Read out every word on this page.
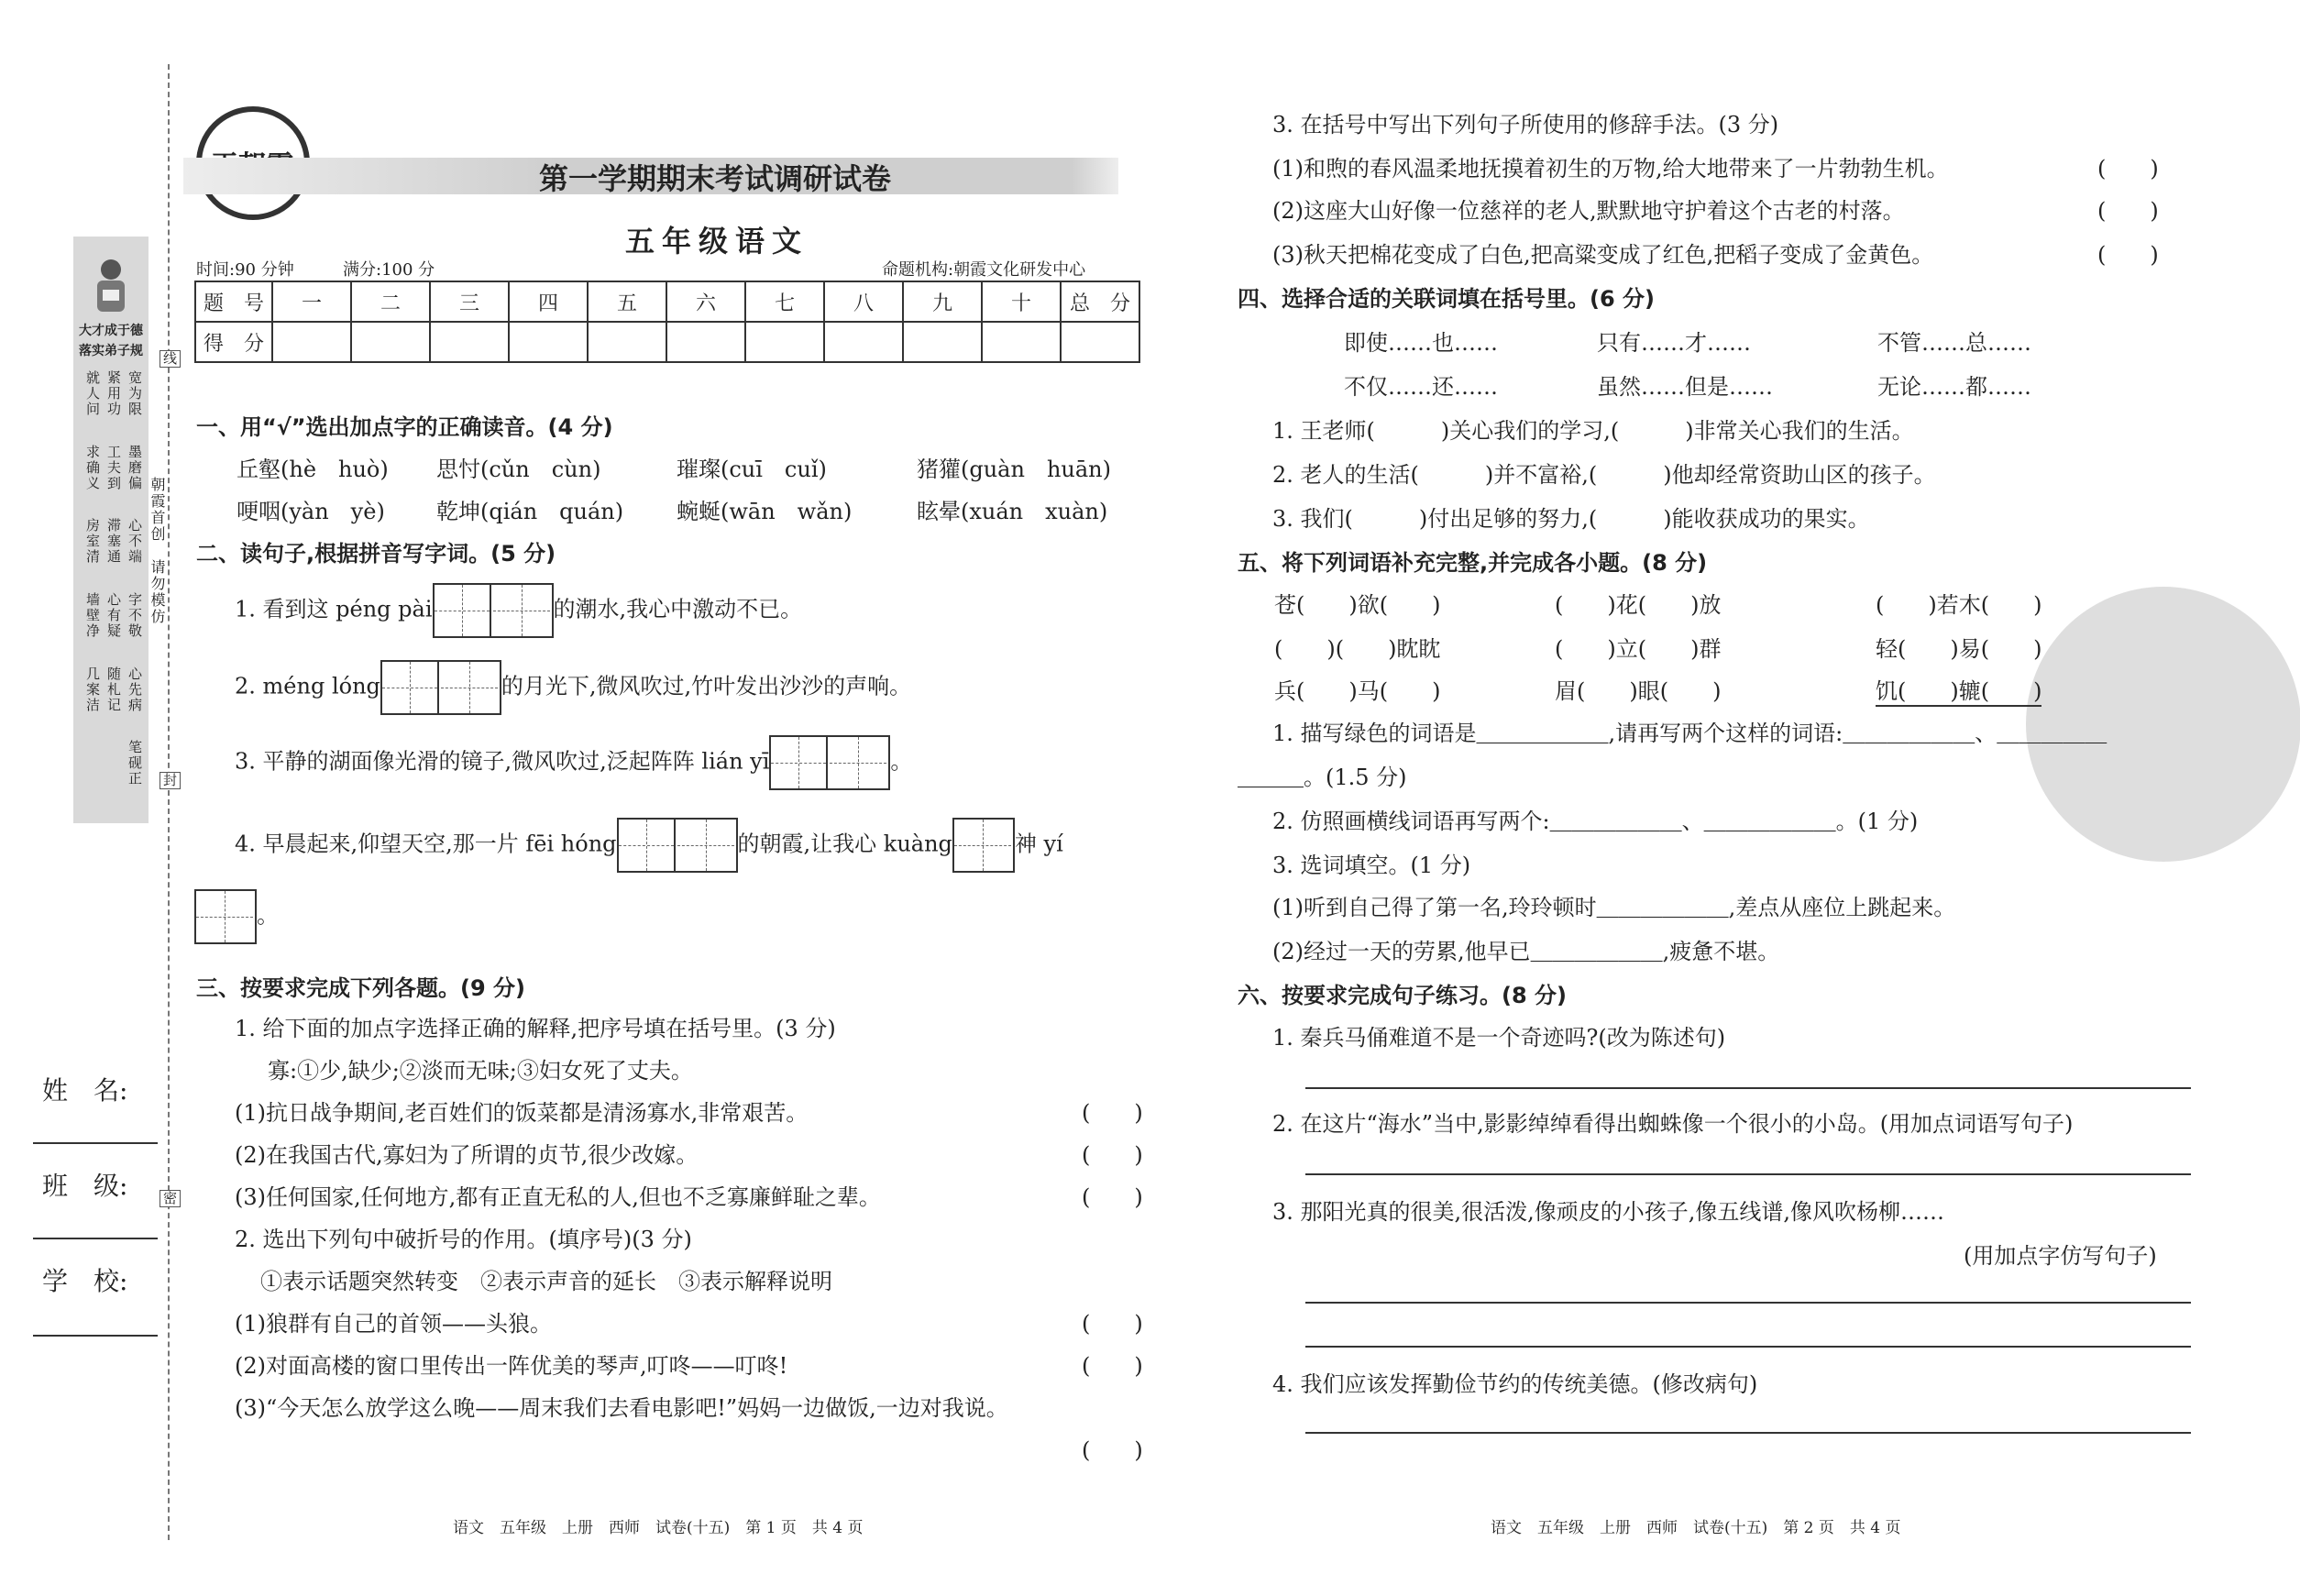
大才成于德
落实弟子规
宽为限
紧用功
就人问
墨磨偏
工夫到
求确义
心不端
滞塞通
房室清
字不敬
心有疑
墙壁净
心先病
随札记
几案洁
笔砚正
朝霞首创　请勿模仿
线
封
密
姓　名:
班　级:
学　校:
第一学期期末考试调研试卷
五年级语文
时间:90 分钟	满分:100 分	命题机构:朝霞文化研发中心
题　号	一	二	三	四	五	六	七	八	九	十	总　分
得　分											
一、用“√”选出加点字的正确读音。(4 分)
丘壑(hè　huò) 思忖(cǔn　cùn)	璀璨(cuī　cuǐ)	猪獾(guàn　huān)
哽咽(yàn　yè) 乾坤(qián　quán) 蜿蜒(wān　wǎn)	眩晕(xuán　xuàn)
二、读句子,根据拼音写字词。(5 分)
1. 看到这 péng pài	的潮水,我心中激动不已。
2. méng lóng	的月光下,微风吹过,竹叶发出沙沙的声响。
3. 平静的湖面像光滑的镜子,微风吹过,泛起阵阵 lián yī	。
4. 早晨起来,仰望天空,那一片 fēi hóng	的朝霞,让我心 kuàng	神 yí
。
三、按要求完成下列各题。(9 分)
1. 给下面的加点字选择正确的解释,把序号填在括号里。(3 分)
寡:①少,缺少;②淡而无味;③妇女死了丈夫。
(1)抗日战争期间,老百姓们的饭菜都是清汤寡水,非常艰苦。	(　　)
(2)在我国古代,寡妇为了所谓的贞节,很少改嫁。	(　　)
(3)任何国家,任何地方,都有正直无私的人,但也不乏寡廉鲜耻之辈。	(　　)
2. 选出下列句中破折号的作用。(填序号)(3 分)
①表示话题突然转变　②表示声音的延长　③表示解释说明
(1)狼群有自己的首领——头狼。	(　　)
(2)对面高楼的窗口里传出一阵优美的琴声,叮咚——叮咚!	(　　)
(3)“今天怎么放学这么晚——周末我们去看电影吧!”妈妈一边做饭,一边对我说。
(　　)
语文　五年级　上册　西师　试卷(十五)　第 1 页　共 4 页
3. 在括号中写出下列句子所使用的修辞手法。(3 分)
(1)和煦的春风温柔地抚摸着初生的万物,给大地带来了一片勃勃生机。	(　　)
(2)这座大山好像一位慈祥的老人,默默地守护着这个古老的村落。	(　　)
(3)秋天把棉花变成了白色,把高粱变成了红色,把稻子变成了金黄色。	(　　)
四、选择合适的关联词填在括号里。(6 分)
即使……也……	只有……才……	不管……总……
不仅……还……	虽然……但是……	无论……都……
1. 王老师(　　　)关心我们的学习,(　　　)非常关心我们的生活。
2. 老人的生活(　　　)并不富裕,(　　　)他却经常资助山区的孩子。
3. 我们(　　　)付出足够的努力,(　　　)能收获成功的果实。
五、将下列词语补充完整,并完成各小题。(8 分)
苍(　　)欲(　　)	(　　)花(　　)放	(　　)若木(　　)
(　　)(　　)眈眈	(　　)立(　　)群	轻(　　)易(　　)
兵(　　)马(　　)	眉(　　)眼(　　)	饥(　　)辘(　　)
1. 描写绿色的词语是＿＿＿＿＿＿,请再写两个这样的词语:＿＿＿＿＿＿、＿＿＿＿＿
＿＿＿。(1.5 分)
2. 仿照画横线词语再写两个:＿＿＿＿＿＿、＿＿＿＿＿＿。(1 分)
3. 选词填空。(1 分)
(1)听到自己得了第一名,玲玲顿时＿＿＿＿＿＿,差点从座位上跳起来。
(2)经过一天的劳累,他早已＿＿＿＿＿＿,疲惫不堪。
六、按要求完成句子练习。(8 分)
1. 秦兵马俑难道不是一个奇迹吗?(改为陈述句)
2. 在这片“海水”当中,影影绰绰看得出蜘蛛像一个很小的小岛。(用加点词语写句子)
3. 那阳光真的很美,很活泼,像顽皮的小孩子,像五线谱,像风吹杨柳……
(用加点字仿写句子)
4. 我们应该发挥勤俭节约的传统美德。(修改病句)
语文　五年级　上册　西师　试卷(十五)　第 2 页　共 4 页
